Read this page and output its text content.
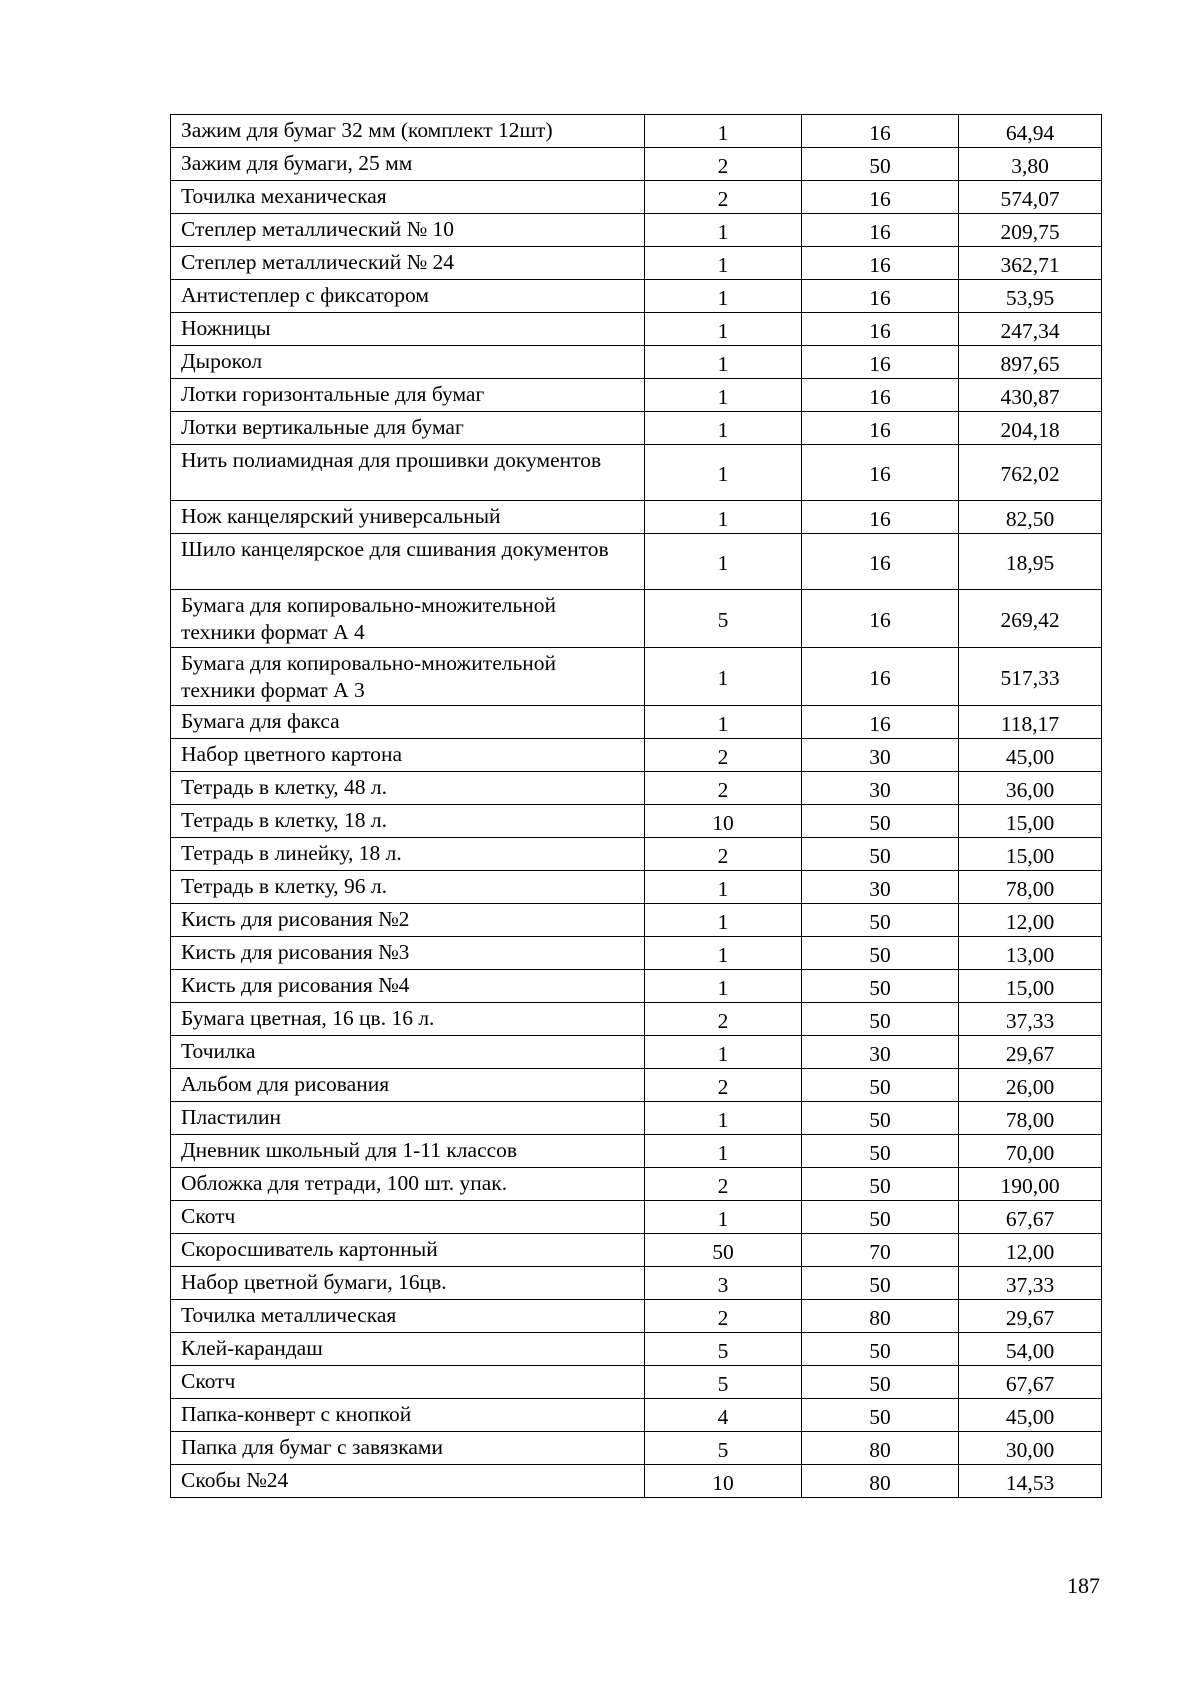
Зажим для бумаг 32 мм (комплект 12шт)	1	16	64,94
Зажим для бумаги, 25 мм	2	50	3,80
Точилка механическая	2	16	574,07
Степлер металлический № 10	1	16	209,75
Степлер металлический № 24	1	16	362,71
Антистеплер с фиксатором	1	16	53,95
Ножницы	1	16	247,34
Дырокол	1	16	897,65
Лотки горизонтальные для бумаг	1	16	430,87
Лотки вертикальные для бумаг	1	16	204,18
Нить полиамидная для прошивки документов	1	16	762,02
Нож канцелярский универсальный	1	16	82,50
Шило канцелярское для сшивания документов	1	16	18,95
Бумага для копировально-множительной техники формат А 4	5	16	269,42
Бумага для копировально-множительной техники формат А 3	1	16	517,33
Бумага для факса	1	16	118,17
Набор цветного картона	2	30	45,00
Тетрадь в клетку, 48 л.	2	30	36,00
Тетрадь в клетку, 18 л.	10	50	15,00
Тетрадь в линейку, 18 л.	2	50	15,00
Тетрадь в клетку, 96 л.	1	30	78,00
Кисть для рисования №2	1	50	12,00
Кисть для рисования №3	1	50	13,00
Кисть для рисования №4	1	50	15,00
Бумага цветная, 16 цв. 16 л.	2	50	37,33
Точилка	1	30	29,67
Альбом для рисования	2	50	26,00
Пластилин	1	50	78,00
Дневник школьный для 1-11 классов	1	50	70,00
Обложка для тетради, 100 шт. упак.	2	50	190,00
Скотч	1	50	67,67
Скоросшиватель картонный	50	70	12,00
Набор цветной бумаги, 16цв.	3	50	37,33
Точилка металлическая	2	80	29,67
Клей-карандаш	5	50	54,00
Скотч	5	50	67,67
Папка-конверт с кнопкой	4	50	45,00
Папка для бумаг с завязками	5	80	30,00
Скобы №24	10	80	14,53
187
